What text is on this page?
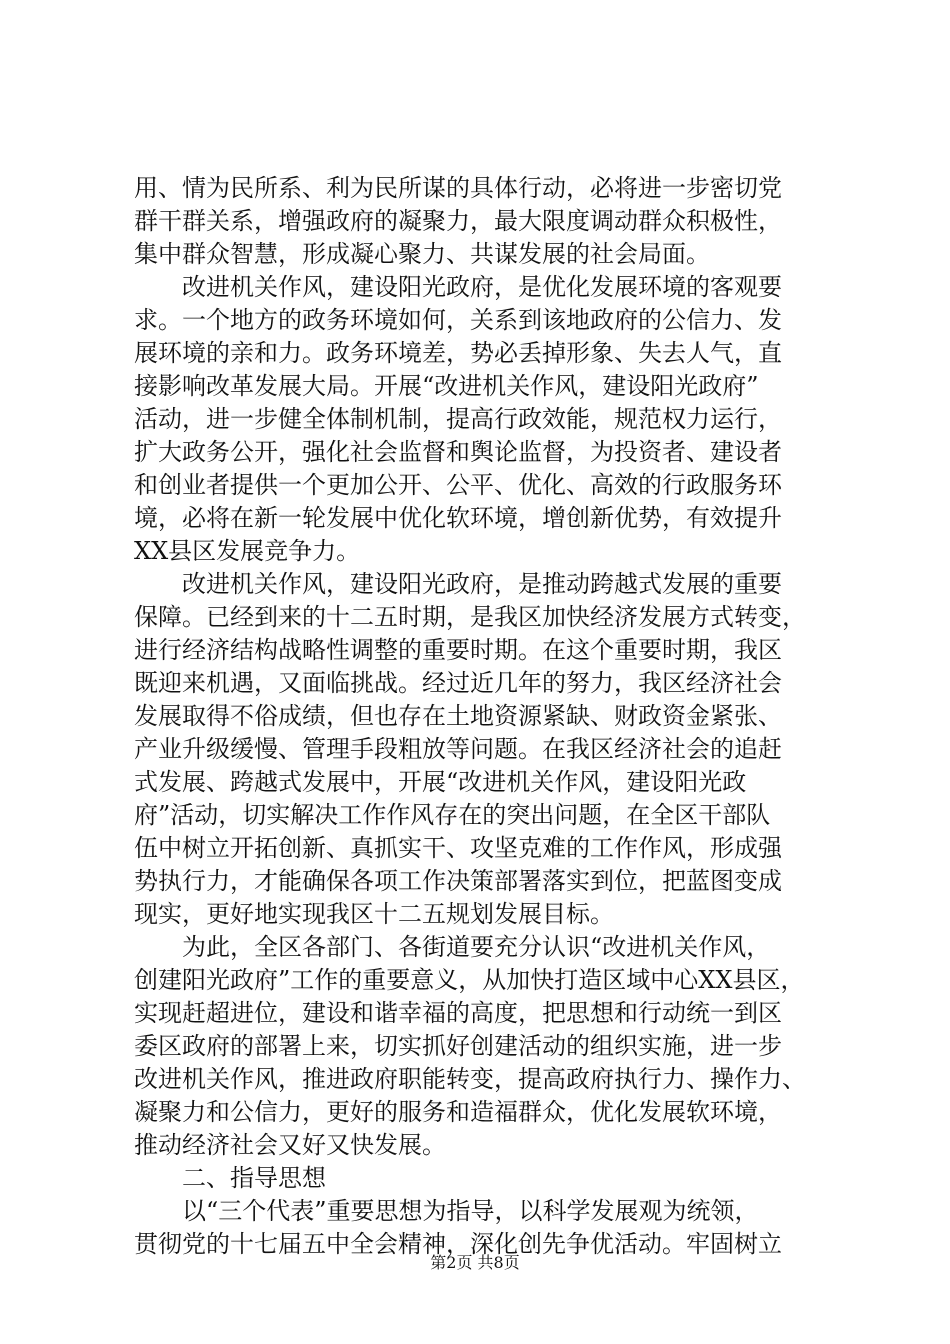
用、情为民所系、利为民所谋的具体行动，必将进一步密切党
群干群关系，增强政府的凝聚力，最大限度调动群众积极性，
集中群众智慧，形成凝心聚力、共谋发展的社会局面。
改进机关作风，建设阳光政府，是优化发展环境的客观要
求。一个地方的政务环境如何，关系到该地政府的公信力、发
展环境的亲和力。政务环境差，势必丢掉形象、失去人气，直
接影响改革发展大局。开展“改进机关作风，建设阳光政府”
活动，进一步健全体制机制，提高行政效能，规范权力运行，
扩大政务公开，强化社会监督和舆论监督，为投资者、建设者
和创业者提供一个更加公开、公平、优化、高效的行政服务环
境，必将在新一轮发展中优化软环境，增创新优势，有效提升
XX县区发展竞争力。
改进机关作风，建设阳光政府，是推动跨越式发展的重要
保障。已经到来的十二五时期，是我区加快经济发展方式转变，
进行经济结构战略性调整的重要时期。在这个重要时期，我区
既迎来机遇，又面临挑战。经过近几年的努力，我区经济社会
发展取得不俗成绩，但也存在土地资源紧缺、财政资金紧张、
产业升级缓慢、管理手段粗放等问题。在我区经济社会的追赶
式发展、跨越式发展中，开展“改进机关作风，建设阳光政
府”活动，切实解决工作作风存在的突出问题，在全区干部队
伍中树立开拓创新、真抓实干、攻坚克难的工作作风，形成强
势执行力，才能确保各项工作决策部署落实到位，把蓝图变成
现实，更好地实现我区十二五规划发展目标。
为此，全区各部门、各街道要充分认识“改进机关作风，
创建阳光政府”工作的重要意义，从加快打造区域中心XX县区，
实现赶超进位，建设和谐幸福的高度，把思想和行动统一到区
委区政府的部署上来，切实抓好创建活动的组织实施，进一步
改进机关作风，推进政府职能转变，提高政府执行力、操作力、
凝聚力和公信力，更好的服务和造福群众，优化发展软环境，
推动经济社会又好又快发展。
二、指导思想
以“三个代表”重要思想为指导，以科学发展观为统领，
贯彻党的十七届五中全会精神，深化创先争优活动。牢固树立
第2页 共8页
